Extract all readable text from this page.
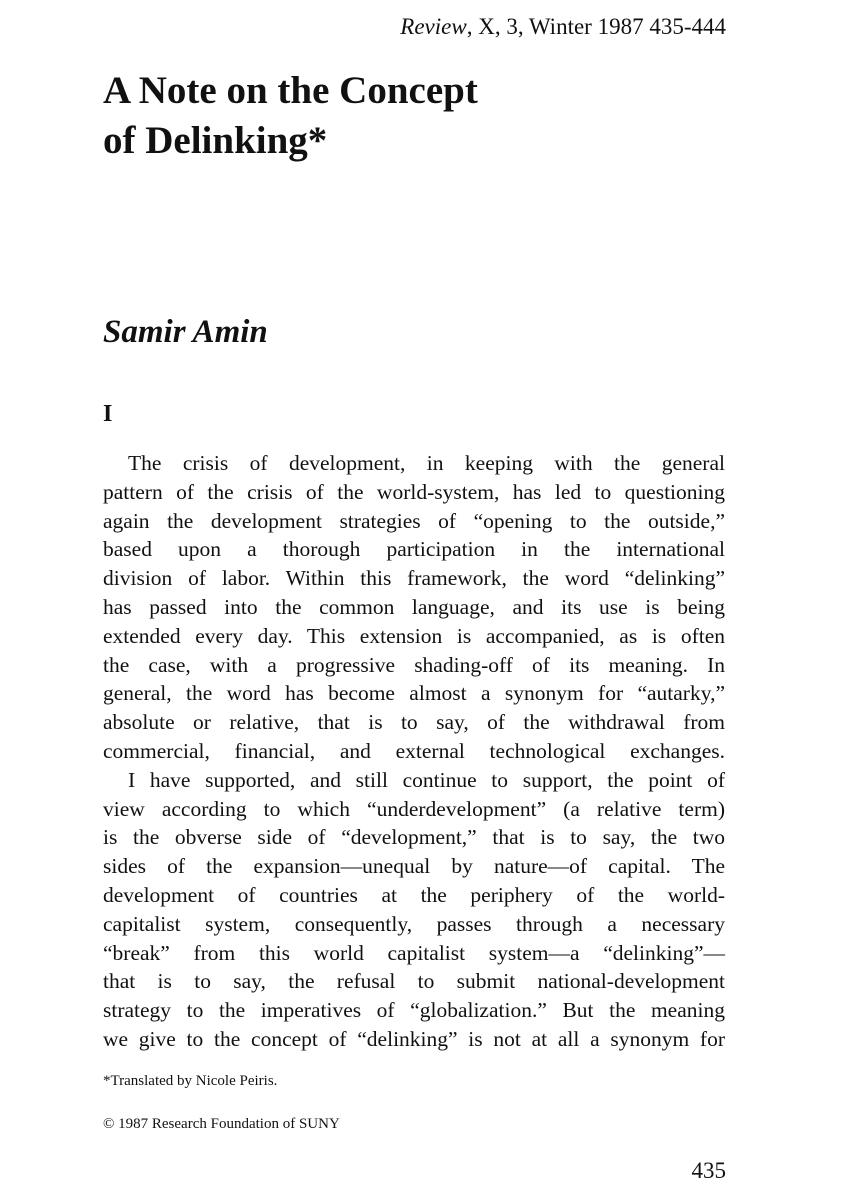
Review, X, 3, Winter 1987 435-444
A Note on the Concept
of Delinking*
Samir Amin
I
The crisis of development, in keeping with the general
pattern of the crisis of the world-system, has led to questioning
again the development strategies of “opening to the outside,”
based upon a thorough participation in the international
division of labor. Within this framework, the word “delinking”
has passed into the common language, and its use is being
extended every day. This extension is accompanied, as is often
the case, with a progressive shading-off of its meaning. In
general, the word has become almost a synonym for “autarky,”
absolute or relative, that is to say, of the withdrawal from
commercial, financial, and external technological exchanges.
I have supported, and still continue to support, the point of
view according to which “underdevelopment” (a relative term)
is the obverse side of “development,” that is to say, the two
sides of the expansion—unequal by nature—of capital. The
development of countries at the periphery of the world-
capitalist system, consequently, passes through a necessary
“break” from this world capitalist system—a “delinking”—
that is to say, the refusal to submit national-development
strategy to the imperatives of “globalization.” But the meaning
we give to the concept of “delinking” is not at all a synonym for
*Translated by Nicole Peiris.
© 1987 Research Foundation of SUNY
435
